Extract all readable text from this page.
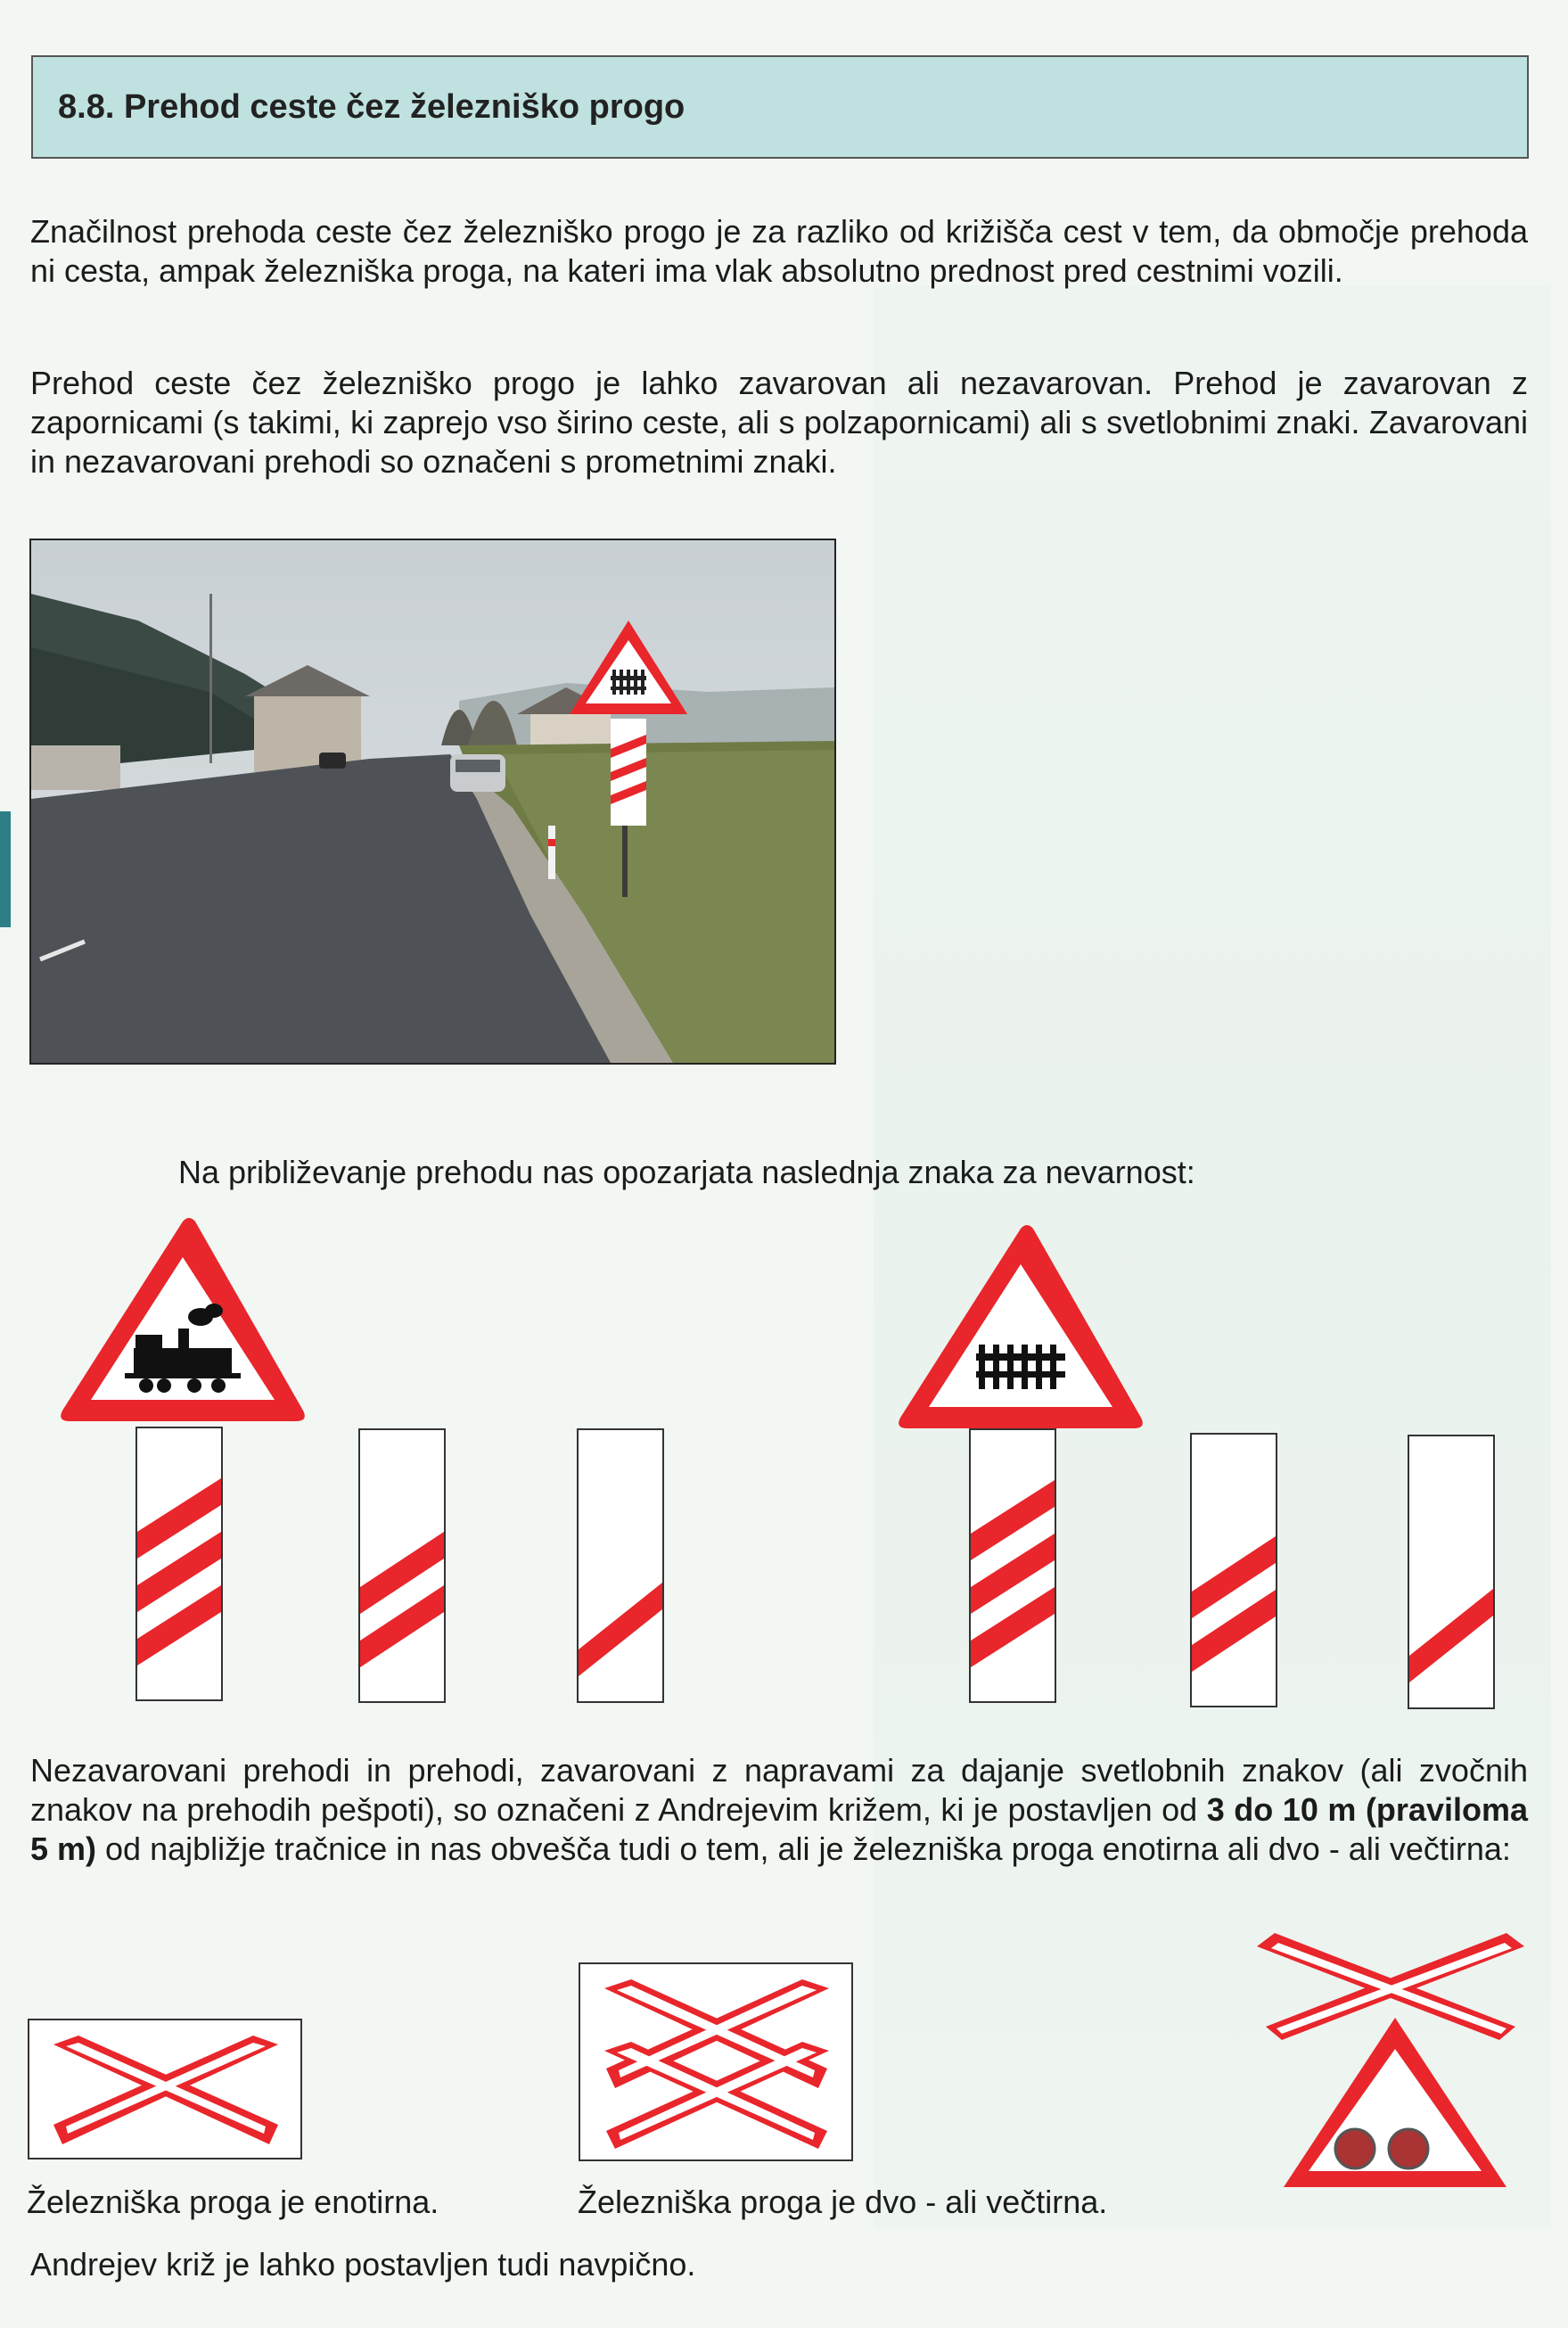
8.8. Prehod ceste čez železniško progo

Značilnost prehoda ceste čez železniško progo je za razliko od križišča cest v tem, da območje prehoda ni cesta, ampak železniška proga, na kateri ima vlak absolutno prednost pred cestnimi vozili.

Prehod ceste čez železniško progo je lahko zavarovan ali nezavarovan. Prehod je zavarovan z zapornicami (s takimi, ki zaprejo vso širino ceste, ali s polzapornicami) ali s svetlobnimi znaki. Zavarovani in nezavarovani prehodi so označeni s prometnimi znaki.

Na približevanje prehodu nas opozarjata naslednja znaka za nevarnost:

Nezavarovani prehodi in prehodi, zavarovani z napravami za dajanje svetlobnih znakov (ali zvočnih znakov na prehodih peš​poti), so označeni z Andrejevim križem, ki je postavljen od 3 do 10 m (praviloma 5 m) od najbližje tračnice in nas obvešča tudi o tem, ali je železniška proga enotirna ali dvo - ali večtirna:

Železniška proga je enotirna.	Železniška proga je dvo - ali večtirna.

Andrejev križ je lahko postavljen tudi navpično.
